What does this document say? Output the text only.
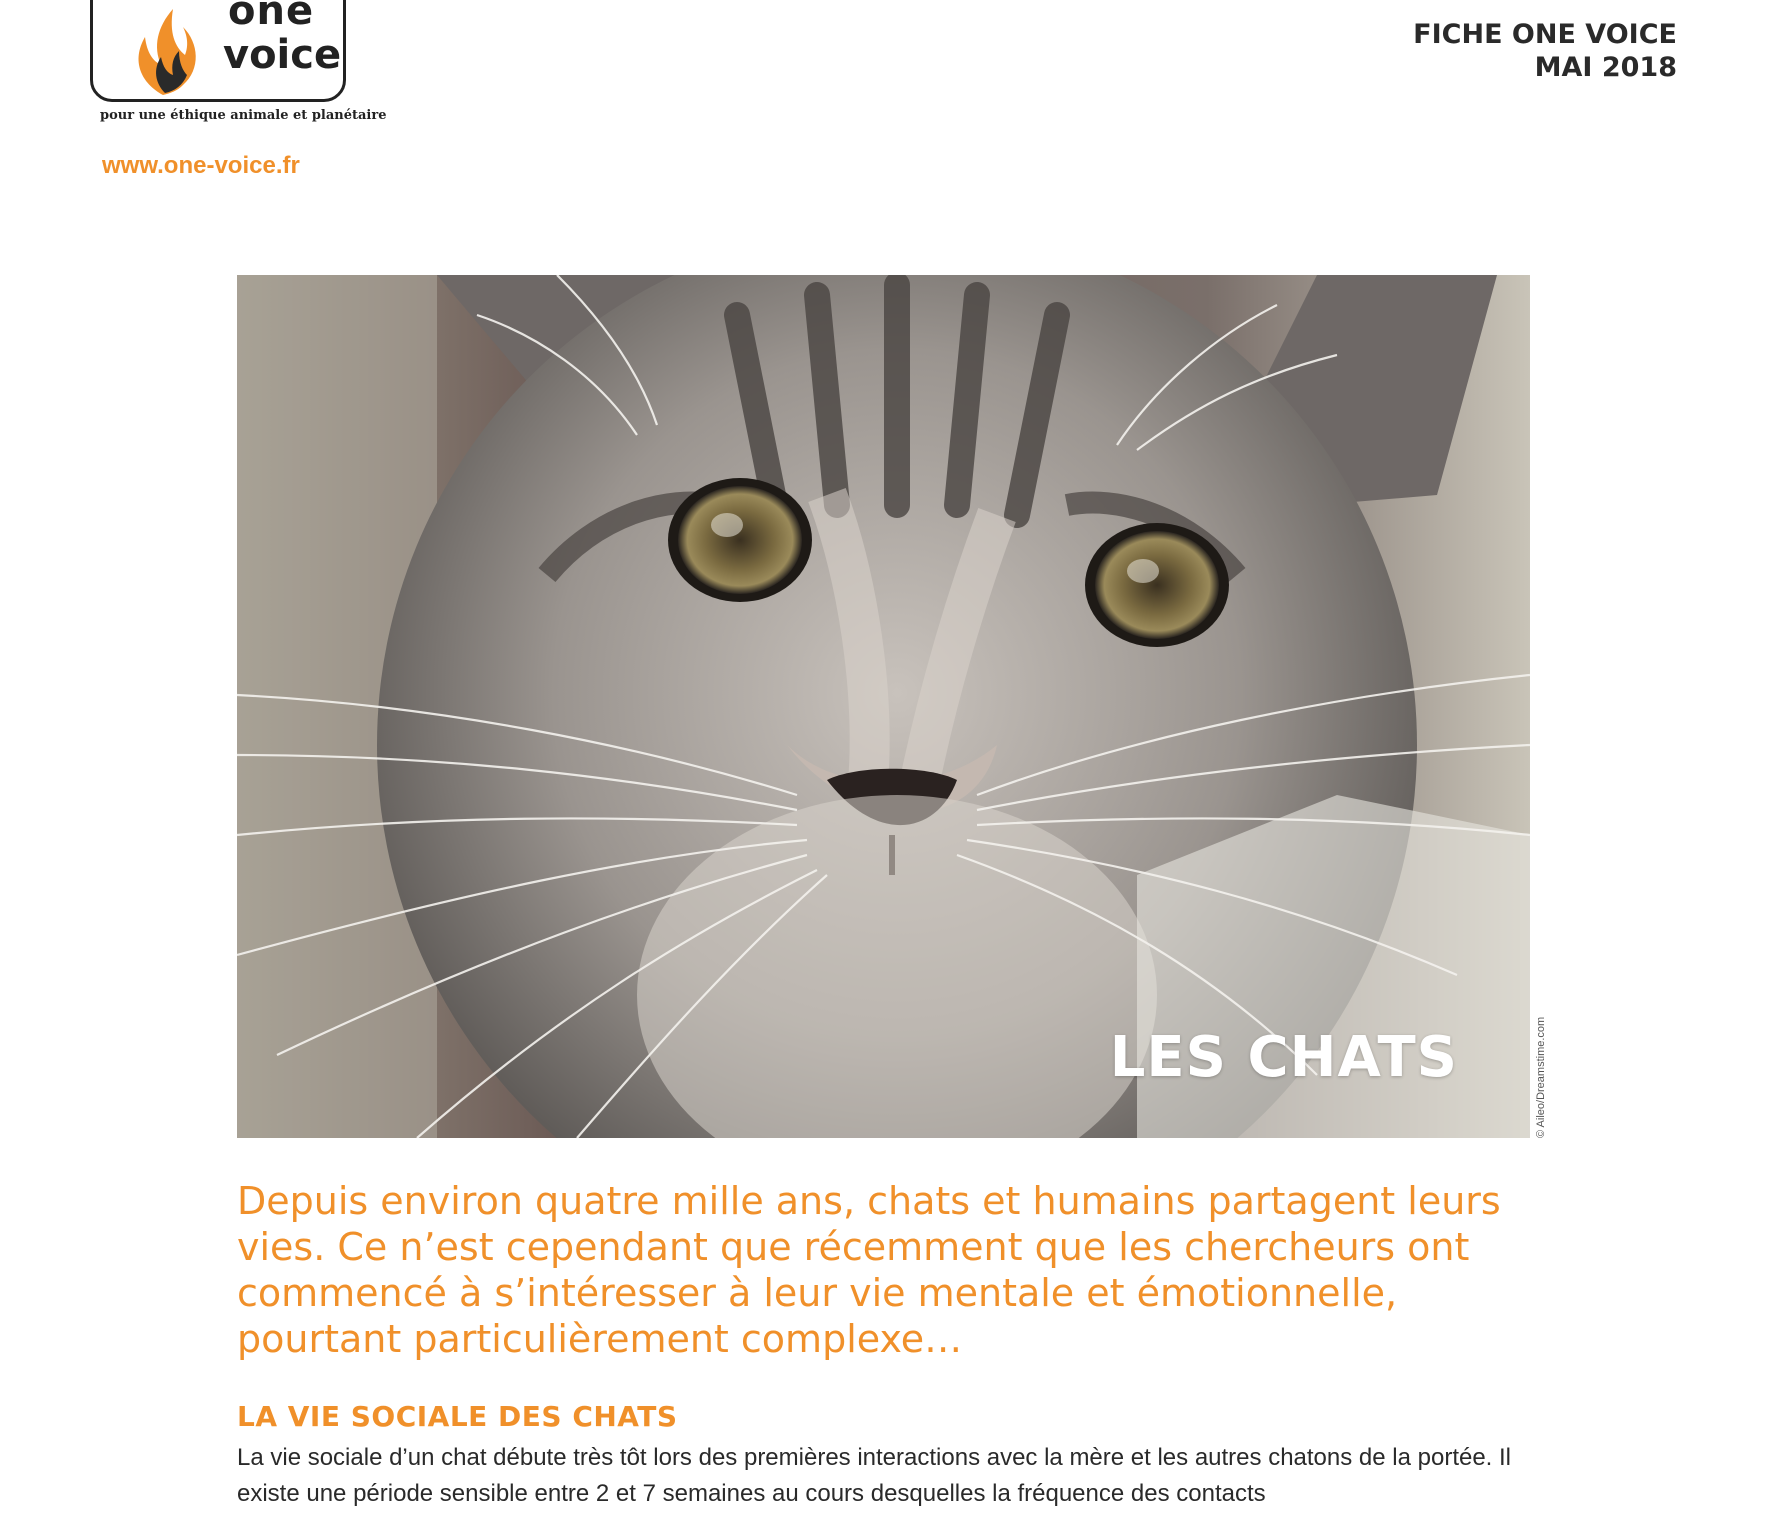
one
voice
pour une éthique animale et planétaire
www.one-voice.fr
FICHE ONE VOICE
MAI 2018
LES CHATS	© Aileo/Dreamstime.com
Depuis environ quatre mille ans, chats et humains partagent leurs vies. Ce n’est cependant que récemment que les chercheurs ont commencé à s’intéresser à leur vie mentale et émotionnelle, pourtant particulièrement complexe…
LA VIE SOCIALE DES CHATS
La vie sociale d’un chat débute très tôt lors des premières interactions avec la mère et les autres chatons de la portée. Il existe une période sensible entre 2 et 7 semaines au cours desquelles la fréquence des contacts
